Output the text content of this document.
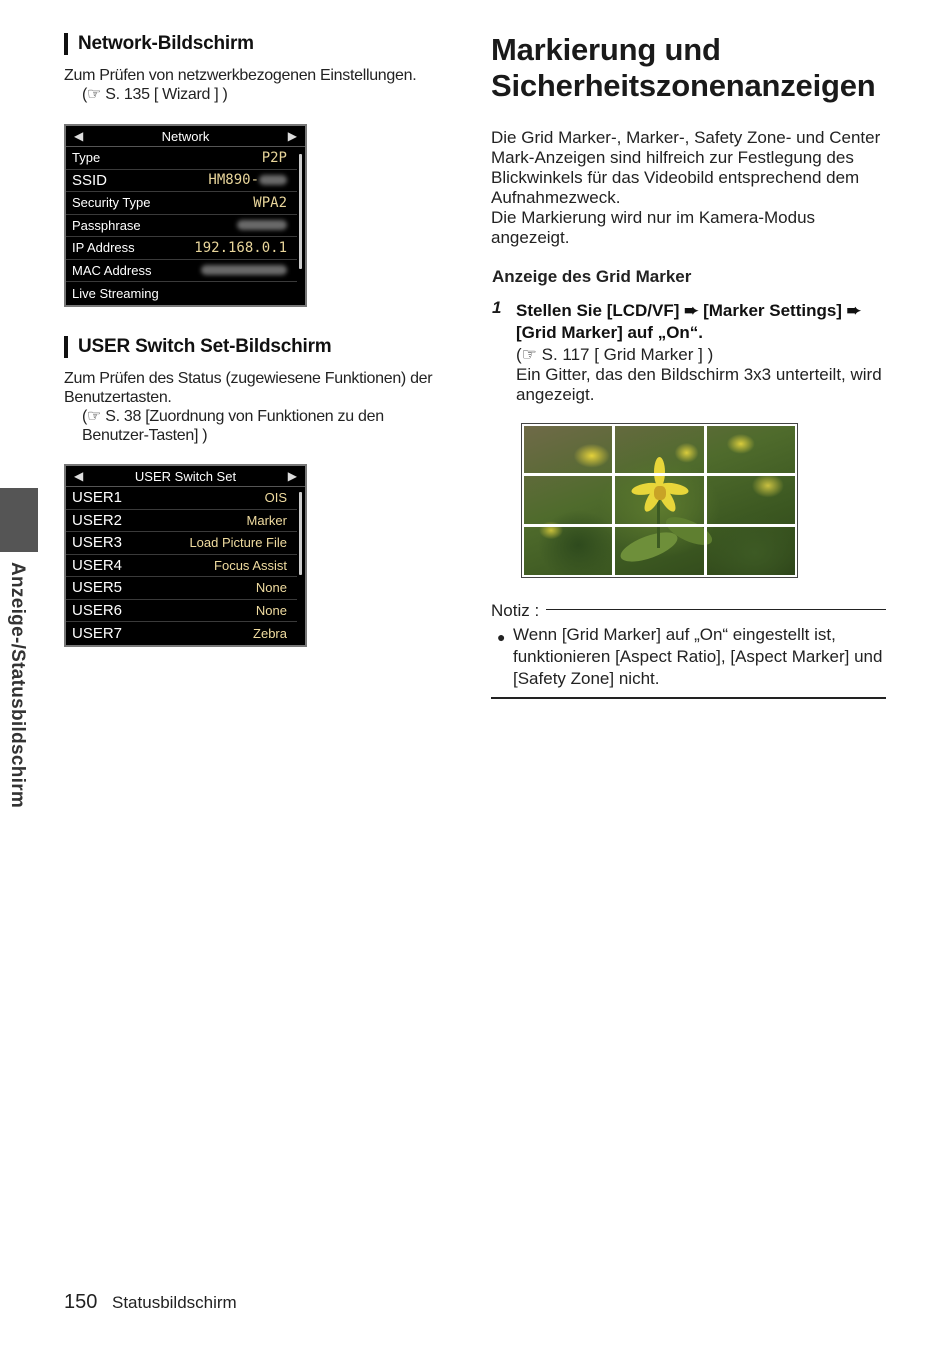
Anzeige-/Statusbildschirm
Network-Bildschirm
Zum Prüfen von netzwerkbezogenen Einstellungen.
(☞ S. 135 [ Wizard ] )
◀	Network	▶
Type	P2P
SSID	HM890-
Security Type	WPA2
Passphrase
IP Address	192.168.0.1
MAC Address
Live Streaming
USER Switch Set-Bildschirm
Zum Prüfen des Status (zugewiesene Funktionen) der Benutzertasten.
(☞ S. 38 [Zuordnung von Funktionen zu den
Benutzer-Tasten] )
◀	USER Switch Set	▶
USER1	OIS
USER2	Marker
USER3	Load Picture File
USER4	Focus Assist
USER5	None
USER6	None
USER7	Zebra
Markierung und
Sicherheitszonenanzeigen
Die Grid Marker-, Marker-, Safety Zone- und Center Mark-Anzeigen sind hilfreich zur Festlegung des Blickwinkels für das Videobild entsprechend dem Aufnahmezweck.
Die Markierung wird nur im Kamera-Modus angezeigt.
Anzeige des Grid Marker
1 Stellen Sie [LCD/VF] ➨ [Marker Settings] ➨ [Grid Marker] auf „On“.
(☞ S. 117 [ Grid Marker ] )
Ein Gitter, das den Bildschirm 3x3 unterteilt, wird angezeigt.
Notiz :
● Wenn [Grid Marker] auf „On“ eingestellt ist, funktionieren [Aspect Ratio], [Aspect Marker] und [Safety Zone] nicht.
150 Statusbildschirm
